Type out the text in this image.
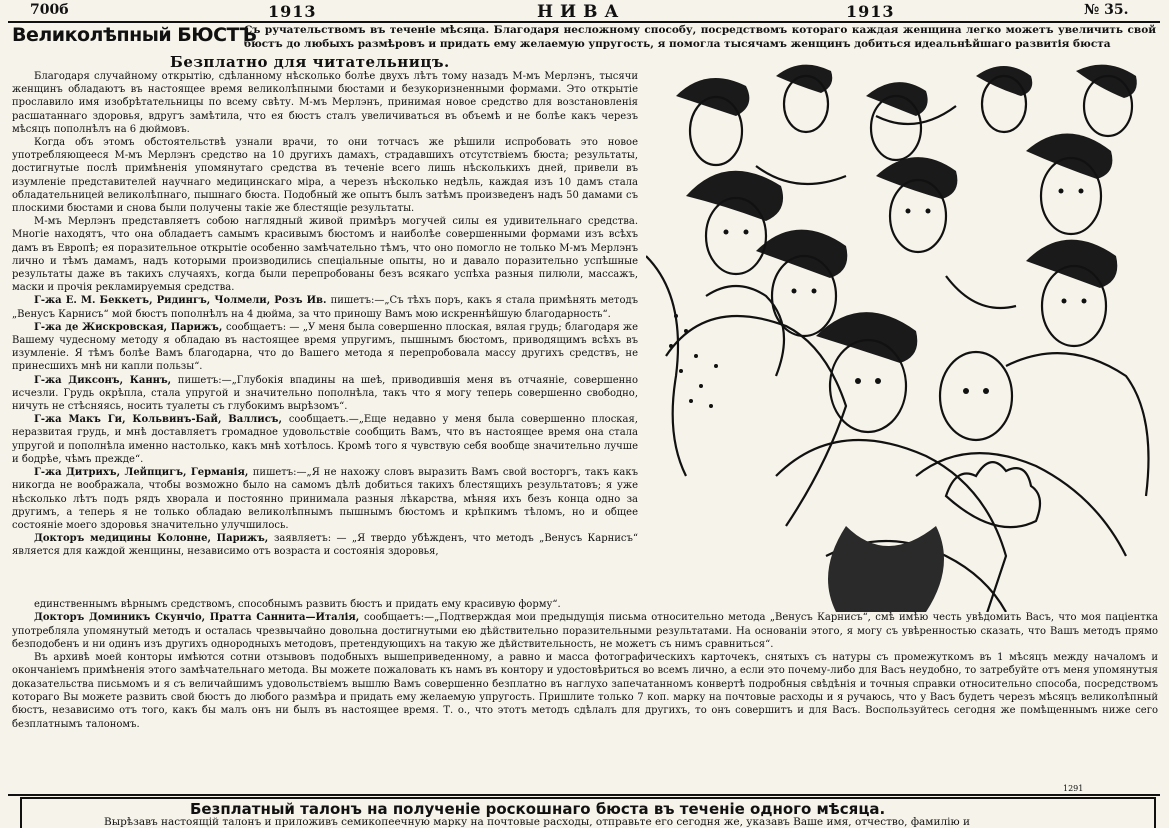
700б	1913	НИВА	1913	№ 35.
Великолѣпный БЮСТЪ
Съ ручательствомъ въ теченіе мѣсяца. Благодаря несложному способу, посредствомъ котораго каждая женщина легко можетъ увеличить свой бюстъ до любыхъ размѣровъ и придать ему желаемую упругость, я помогла тысячамъ женщинъ добиться идеальнѣйшаго развитія бюста
Безплатно для читательницъ.

Благодаря случайному открытію, сдѣланному нѣсколько болѣе двухъ лѣтъ тому назадъ М-мъ Мерлэнъ, тысячи женщинъ обладаютъ въ настоящее время великолѣпными бюстами и безукоризненными формами. Это открытіе прославило имя изобрѣтательницы по всему свѣту. М-мъ Мерлэнъ, принимая новое средство для возстановленія расшатаннаго здоровья, вдругъ замѣтила, что ея бюстъ сталъ увеличиваться въ объемѣ и не болѣе какъ черезъ мѣсяцъ пополнѣлъ на 6 дюймовъ.

Когда объ этомъ обстоятельствѣ узнали врачи, то они тотчасъ же рѣшили испробовать это новое употребляющееся М-мъ Мерлэнъ средство на 10 другихъ дамахъ, страдавшихъ отсутствіемъ бюста; результаты, достигнутые послѣ примѣненія упомянутаго средства въ теченіе всего лишь нѣсколькихъ дней, привели въ изумленіе представителей научнаго медицинскаго міра, а черезъ нѣсколько недѣль, каждая изъ 10 дамъ стала обладательницей великолѣпнаго, пышнаго бюста. Подобный же опытъ былъ затѣмъ произведенъ надъ 50 дамами съ плоскими бюстами и снова были получены такіе же блестящіе результаты.

М-мъ Мерлэнъ представляетъ собою наглядный живой примѣръ могучей силы ея удивительнаго средства. Многіе находятъ, что она обладаетъ самымъ красивымъ бюстомъ и наиболѣе совершенными формами изъ всѣхъ дамъ въ Европѣ; ея поразительное открытіе особенно замѣчательно тѣмъ, что оно помогло не только М-мъ Мерлэнъ лично и тѣмъ дамамъ, надъ которыми производились спеціальные опыты, но и давало поразительно успѣшные результаты даже въ такихъ случаяхъ, когда были перепробованы безъ всякаго успѣха разныя пилюли, массажъ, маски и прочія рекламируемыя средства.

Г-жа Е. М. Беккетъ, Ридингъ, Чолмели, Розъ Ив. пишетъ:—„Съ тѣхъ поръ, какъ я стала примѣнять методъ „Венусъ Карнисъ“ мой бюстъ пополнѣлъ на 4 дюйма, за что приношу Вамъ мою искреннѣйшую благодарность“.

Г-жа де Жискровская, Парижъ, сообщаетъ: — „У меня была совершенно плоская, вялая грудь; благодаря же Вашему чудесному методу я обладаю въ настоящее время упругимъ, пышнымъ бюстомъ, приводящимъ всѣхъ въ изумленіе. Я тѣмъ болѣе Вамъ благодарна, что до Вашего метода я перепробовала массу другихъ средствъ, не принесшихъ мнѣ ни капли пользы“.

Г-жа Диксонъ, Каннъ, пишетъ:—„Глубокія впадины на шеѣ, приводившія меня въ отчаяніе, совершенно исчезли. Грудь окрѣпла, стала упругой и значительно пополнѣла, такъ что я могу теперь совершенно свободно, ничуть не стѣсняясь, носить туалеты съ глубокимъ вырѣзомъ“.

Г-жа Макъ Ги, Кольвинъ-Бай, Валлисъ, сообщаетъ.—„Еще недавно у меня была совершенно плоская, неразвитая грудь, и мнѣ доставляетъ громадное удовольствіе сообщить Вамъ, что въ настоящее время она стала упругой и пополнѣла именно настолько, какъ мнѣ хотѣлось. Кромѣ того я чувствую себя вообще значительно лучше и бодрѣе, чѣмъ прежде“.

Г-жа Дитрихъ, Лейпцигъ, Германія, пишетъ:—„Я не нахожу словъ выразить Вамъ свой восторгъ, такъ какъ никогда не воображала, чтобы возможно было на самомъ дѣлѣ добиться такихъ блестящихъ результатовъ; я уже нѣсколько лѣтъ подъ рядъ хворала и постоянно принимала разныя лѣкарства, мѣняя ихъ безъ конца одно за другимъ, а теперь я не только обладаю великолѣпнымъ пышнымъ бюстомъ и крѣпкимъ тѣломъ, но и общее состояніе моего здоровья значительно улучшилось.

Докторъ медицины Колонне, Парижъ, заявляетъ: — „Я твердо убѣжденъ, что методъ „Венусъ Карнисъ“ является для каждой женщины, независимо отъ возраста и состоянія здоровья,

единственнымъ вѣрнымъ средствомъ, способнымъ развить бюстъ и придать ему красивую форму“.

Докторъ Доминикъ Скунчіо, Пратта Саннита—Италія, сообщаетъ:—„Подтверждая мои предыдущія письма относительно метода „Венусъ Карнисъ“, смѣ имѣю честь увѣдомить Васъ, что моя паціентка употребляла упомянутый методъ и осталась чрезвычайно довольна достигнутыми ею дѣйствительно поразительными результатами. На основаніи этого, я могу съ увѣренностью сказать, что Вашъ методъ прямо безподобенъ и ни одинъ изъ другихъ однородныхъ методовъ, претендующихъ на такую же дѣйствительность, не можетъ съ нимъ сравниться“.

Въ архивѣ моей конторы имѣются сотни отзывовъ подобныхъ вышеприведенному, а равно и масса фотографическихъ карточекъ, снятыхъ съ натуры съ промежуткомъ въ 1 мѣсяцъ между началомъ и окончаніемъ примѣненія этого замѣчательнаго метода. Вы можете пожаловать къ намъ въ контору и удостовѣриться во всемъ лично, а если это почему-либо для Васъ неудобно, то затребуйте отъ меня упомянутыя доказательства письмомъ и я съ величайшимъ удовольствіемъ вышлю Вамъ совершенно безплатно въ наглухо запечатанномъ конвертѣ подробныя свѣдѣнія и точныя справки относительно способа, посредствомъ котораго Вы можете развить свой бюстъ до любого размѣра и придать ему желаемую упругость. Пришлите только 7 коп. марку на почтовые расходы и я ручаюсь, что у Васъ будетъ черезъ мѣсяцъ великолѣпный бюстъ, независимо отъ того, какъ бы малъ онъ ни былъ въ настоящее время. Т. о., что этотъ методъ сдѣлалъ для другихъ, то онъ совершитъ и для Васъ. Воспользуйтесь сегодня же помѣщеннымъ ниже сего безплатнымъ талономъ.

1291
Безплатный талонъ на полученіе роскошнаго бюста въ теченіе одного мѣсяца.
Вырѣзавъ настоящій талонъ и приложивъ семикопеечную марку на почтовые расходы, отправьте его сегодня же, указавъ Ваше имя, отчество, фамилію и
